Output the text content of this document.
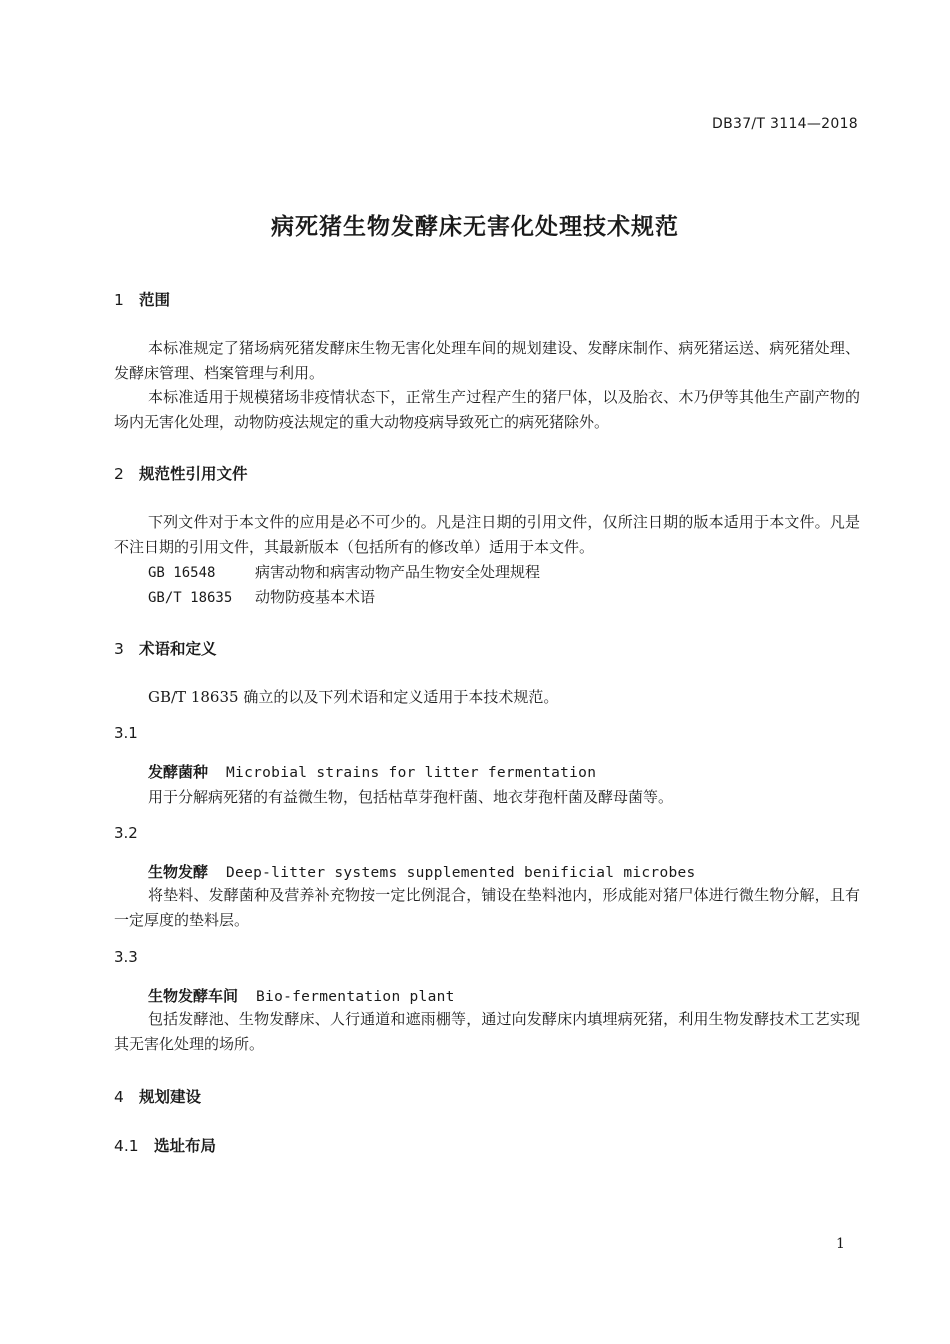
DB37/T 3114—2018
病死猪生物发酵床无害化处理技术规范
1 范围
本标准规定了猪场病死猪发酵床生物无害化处理车间的规划建设、发酵床制作、病死猪运送、病死猪处理、发酵床管理、档案管理与利用。
本标准适用于规模猪场非疫情状态下，正常生产过程产生的猪尸体，以及胎衣、木乃伊等其他生产副产物的场内无害化处理，动物防疫法规定的重大动物疫病导致死亡的病死猪除外。
2 规范性引用文件
下列文件对于本文件的应用是必不可少的。凡是注日期的引用文件，仅所注日期的版本适用于本文件。凡是不注日期的引用文件，其最新版本（包括所有的修改单）适用于本文件。
GB 16548	病害动物和病害动物产品生物安全处理规程
GB/T 18635 动物防疫基本术语
3 术语和定义
GB/T 18635 确立的以及下列术语和定义适用于本技术规范。
3.1
发酵菌种 Microbial strains for litter fermentation
用于分解病死猪的有益微生物，包括枯草芽孢杆菌、地衣芽孢杆菌及酵母菌等。
3.2
生物发酵 Deep-litter systems supplemented benificial microbes
将垫料、发酵菌种及营养补充物按一定比例混合，铺设在垫料池内，形成能对猪尸体进行微生物分解，且有一定厚度的垫料层。
3.3
生物发酵车间 Bio-fermentation plant
包括发酵池、生物发酵床、人行通道和遮雨棚等，通过向发酵床内填埋病死猪，利用生物发酵技术工艺实现其无害化处理的场所。
4 规划建设
4.1 选址布局
1
